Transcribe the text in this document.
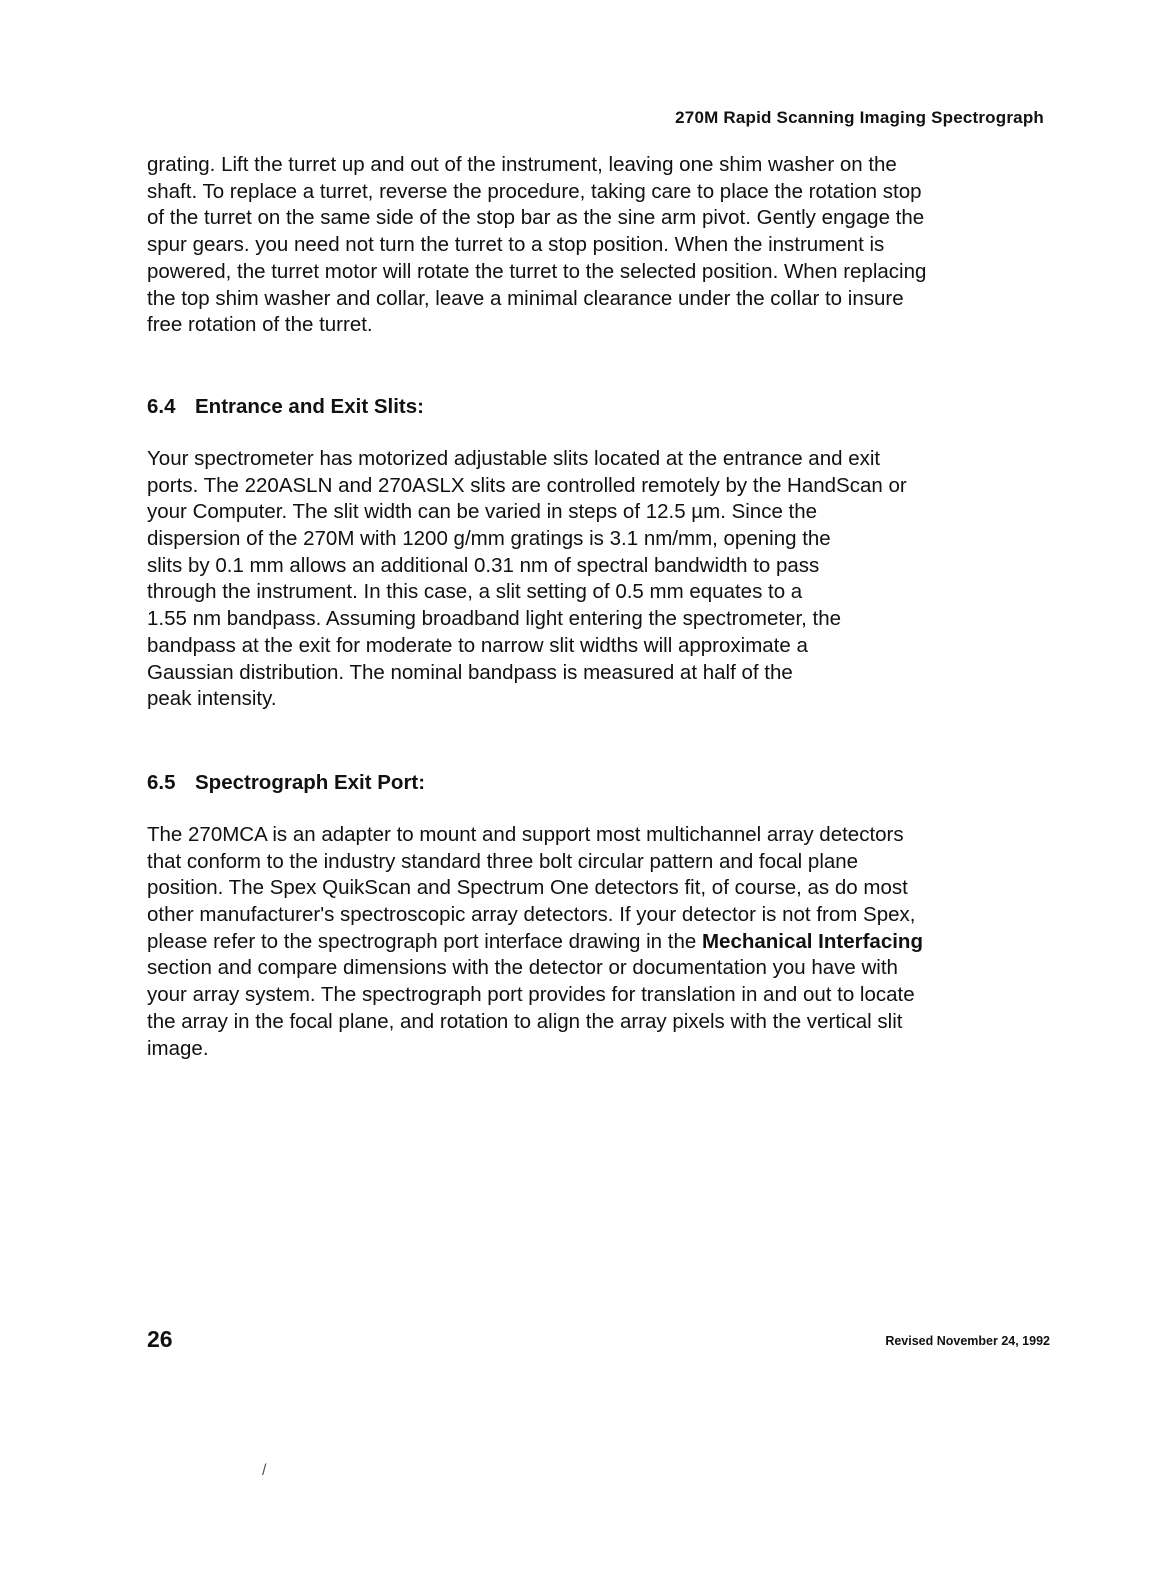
270M Rapid Scanning Imaging Spectrograph

grating. Lift the turret up and out of the instrument, leaving one shim washer on the
shaft. To replace a turret, reverse the procedure, taking care to place the rotation stop
of the turret on the same side of the stop bar as the sine arm pivot. Gently engage the
spur gears. you need not turn the turret to a stop position. When the instrument is
powered, the turret motor will rotate the turret to the selected position. When replacing
the top shim washer and collar, leave a minimal clearance under the collar to insure
free rotation of the turret.

6.4 Entrance and Exit Slits:

Your spectrometer has motorized adjustable slits located at the entrance and exit
ports. The 220ASLN and 270ASLX slits are controlled remotely by the HandScan or
your Computer. The slit width can be varied in steps of 12.5 µm. Since the
dispersion of the 270M with 1200 g/mm gratings is 3.1 nm/mm, opening the
slits by 0.1 mm allows an additional 0.31 nm of spectral bandwidth to pass
through the instrument. In this case, a slit setting of 0.5 mm equates to a
1.55 nm bandpass. Assuming broadband light entering the spectrometer, the
bandpass at the exit for moderate to narrow slit widths will approximate a
Gaussian distribution. The nominal bandpass is measured at half of the
peak intensity.

6.5 Spectrograph Exit Port:

The 270MCA is an adapter to mount and support most multichannel array detectors
that conform to the industry standard three bolt circular pattern and focal plane
position. The Spex QuikScan and Spectrum One detectors fit, of course, as do most
other manufacturer's spectroscopic array detectors. If your detector is not from Spex,
please refer to the spectrograph port interface drawing in the Mechanical Interfacing
section and compare dimensions with the detector or documentation you have with
your array system. The spectrograph port provides for translation in and out to locate
the array in the focal plane, and rotation to align the array pixels with the vertical slit
image.

26	Revised November 24, 1992
/
